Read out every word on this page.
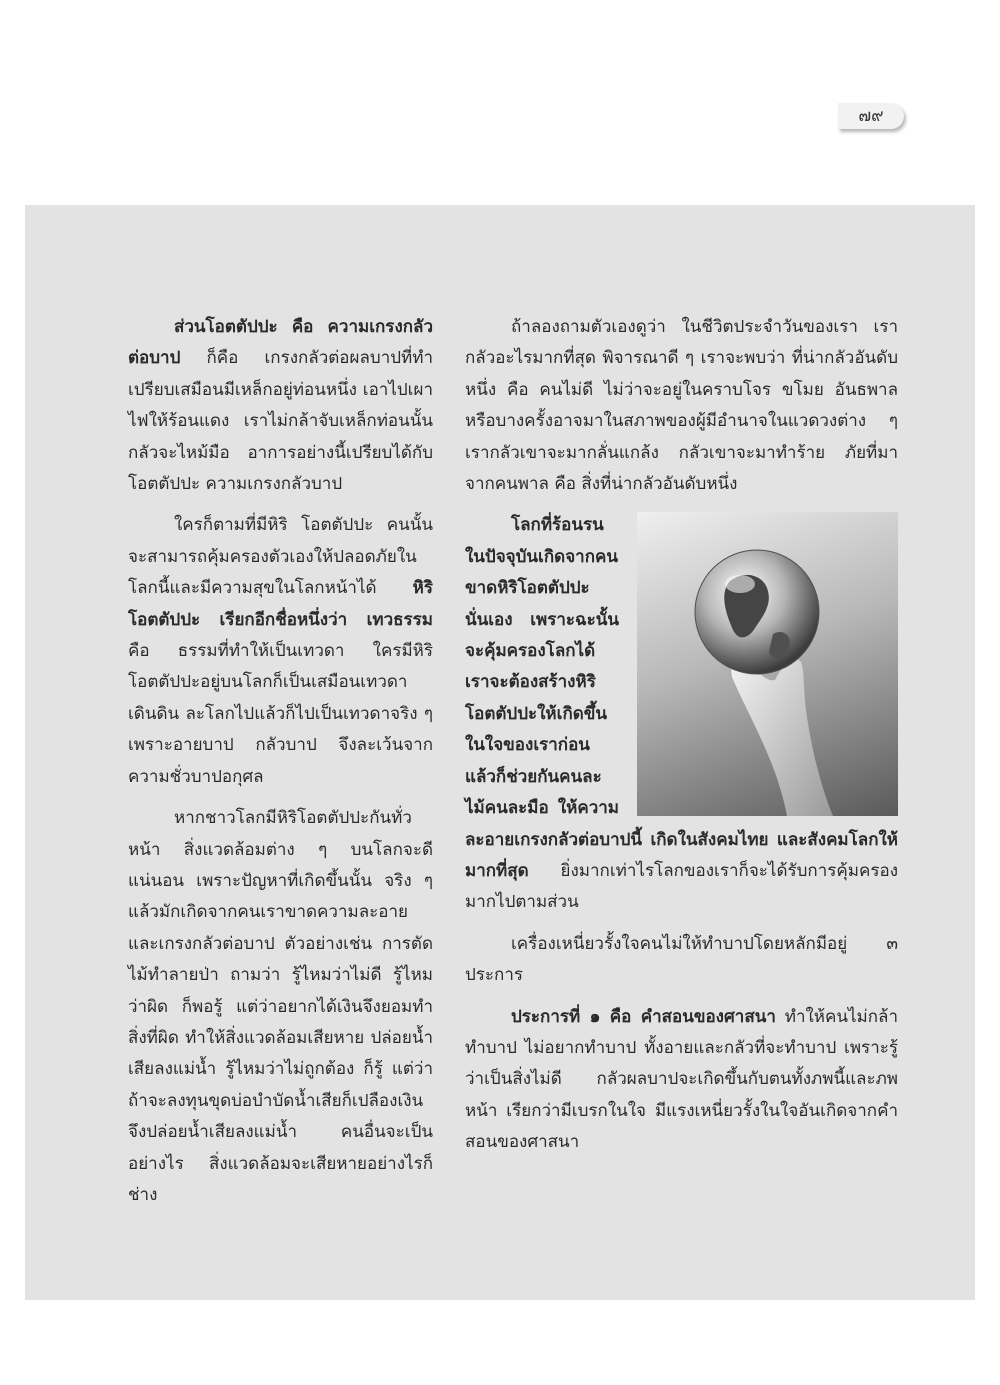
๗๙

ส่วนโอตตัปปะ คือ ความเกรงกลัวต่อบาป ก็คือ เกรงกลัวต่อผลบาปที่ทำเปรียบเสมือนมีเหล็กอยู่ท่อนหนึ่ง เอาไปเผาไฟให้ร้อนแดง เราไม่กล้าจับเหล็กท่อนนั้น กลัวจะไหม้มือ อาการอย่างนี้เปรียบได้กับโอตตัปปะ ความเกรงกลัวบาป

ใครก็ตามที่มีหิริ โอตตัปปะ คนนั้นจะสามารถคุ้มครองตัวเองให้ปลอดภัยในโลกนี้และมีความสุขในโลกหน้าได้ หิริโอตตัปปะ เรียกอีกชื่อหนึ่งว่า เทวธรรม คือ ธรรมที่ทำให้เป็นเทวดา ใครมีหิริโอตตัปปะอยู่บนโลกก็เป็นเสมือนเทวดาเดินดิน ละโลกไปแล้วก็ไปเป็นเทวดาจริง ๆ เพราะอายบาป กลัวบาป จึงละเว้นจากความชั่วบาปอกุศล

หากชาวโลกมีหิริโอตตัปปะกันทั่วหน้า สิ่งแวดล้อมต่าง ๆ บนโลกจะดีแน่นอน เพราะปัญหาที่เกิดขึ้นนั้น จริง ๆ แล้วมักเกิดจากคนเราขาดความละอายและเกรงกลัวต่อบาป ตัวอย่างเช่น การตัดไม้ทำลายป่า ถามว่า รู้ไหมว่าไม่ดี รู้ไหมว่าผิด ก็พอรู้ แต่ว่าอยากได้เงินจึงยอมทำสิ่งที่ผิด ทำให้สิ่งแวดล้อมเสียหาย ปล่อยน้ำเสียลงแม่น้ำ รู้ไหมว่าไม่ถูกต้อง ก็รู้ แต่ว่าถ้าจะลงทุนขุดบ่อบำบัดน้ำเสียก็เปลืองเงิน จึงปล่อยน้ำเสียลงแม่น้ำ คนอื่นจะเป็นอย่างไร สิ่งแวดล้อมจะเสียหายอย่างไรก็ช่าง

ถ้าลองถามตัวเองดูว่า ในชีวิตประจำวันของเรา เรากลัวอะไรมากที่สุด พิจารณาดี ๆ เราจะพบว่า ที่น่ากลัวอันดับหนึ่ง คือ คนไม่ดี ไม่ว่าจะอยู่ในคราบโจร ขโมย อันธพาล หรือบางครั้งอาจมาในสภาพของผู้มีอำนาจในแวดวงต่าง ๆ เรากลัวเขาจะมากลั่นแกล้ง กลัวเขาจะมาทำร้าย ภัยที่มาจากคนพาล คือ สิ่งที่น่ากลัวอันดับหนึ่ง

โลกที่ร้อนรนในปัจจุบันเกิดจากคนขาดหิริโอตตัปปะนั่นเอง เพราะฉะนั้นจะคุ้มครองโลกได้ เราจะต้องสร้างหิริโอตตัปปะให้เกิดขึ้นในใจของเราก่อน แล้วก็ช่วยกันคนละไม้คนละมือ ให้ความละอายเกรงกลัวต่อบาปนี้ เกิดในสังคมไทย และสังคมโลกให้มากที่สุด ยิ่งมากเท่าไรโลกของเราก็จะได้รับการคุ้มครองมากไปตามส่วน

เครื่องเหนี่ยวรั้งใจคนไม่ให้ทำบาปโดยหลักมีอยู่ ๓ ประการ

ประการที่ ๑ คือ คำสอนของศาสนา ทำให้คนไม่กล้าทำบาป ไม่อยากทำบาป ทั้งอายและกลัวที่จะทำบาป เพราะรู้ว่าเป็นสิ่งไม่ดี กลัวผลบาปจะเกิดขึ้นกับตนทั้งภพนี้และภพหน้า เรียกว่ามีเบรกในใจ มีแรงเหนี่ยวรั้งในใจอันเกิดจากคำสอนของศาสนา
